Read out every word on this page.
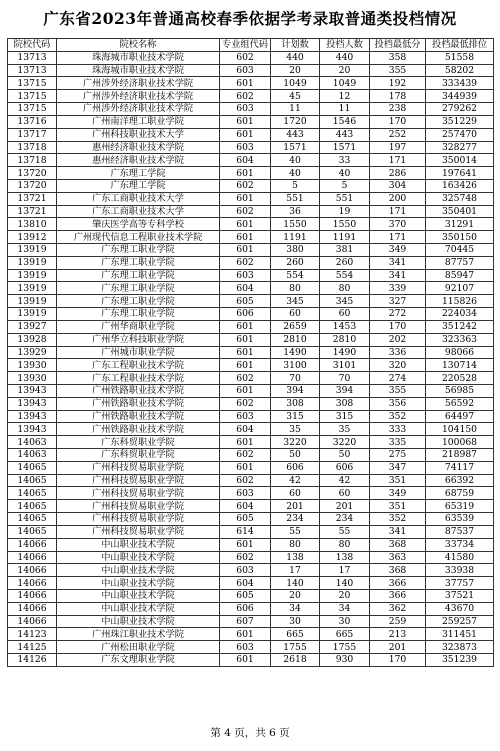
广东省2023年普通高校春季依据学考录取普通类投档情况
院校代码	院校名称	专业组代码	计划数	投档人数	投档最低分	投档最低排位
13713	珠海城市职业技术学院	602	440	440	358	51558
13713	珠海城市职业技术学院	603	20	20	355	58202
13715	广州涉外经济职业技术学院	601	1049	1049	192	333439
13715	广州涉外经济职业技术学院	602	45	12	178	344939
13715	广州涉外经济职业技术学院	603	11	11	238	279262
13716	广州南洋理工职业学院	601	1720	1546	170	351229
13717	广州科技职业技术大学	601	443	443	252	257470
13718	惠州经济职业技术学院	603	1571	1571	197	328277
13718	惠州经济职业技术学院	604	40	33	171	350014
13720	广东理工学院	601	40	40	286	197641
13720	广东理工学院	602	5	5	304	163426
13721	广东工商职业技术大学	601	551	551	200	325748
13721	广东工商职业技术大学	602	36	19	171	350401
13810	肇庆医学高等专科学校	601	1550	1550	370	31291
13912	广州现代信息工程职业技术学院	601	1191	1191	171	350150
13919	广东理工职业学院	601	380	381	349	70445
13919	广东理工职业学院	602	260	260	341	87757
13919	广东理工职业学院	603	554	554	341	85947
13919	广东理工职业学院	604	80	80	339	92107
13919	广东理工职业学院	605	345	345	327	115826
13919	广东理工职业学院	606	60	60	272	224034
13927	广州华商职业学院	601	2659	1453	170	351242
13928	广州华立科技职业学院	601	2810	2810	202	323363
13929	广州城市职业学院	601	1490	1490	336	98066
13930	广东工程职业技术学院	601	3100	3101	320	130714
13930	广东工程职业技术学院	602	70	70	274	220528
13943	广州铁路职业技术学院	601	394	394	355	56985
13943	广州铁路职业技术学院	602	308	308	356	56592
13943	广州铁路职业技术学院	603	315	315	352	64497
13943	广州铁路职业技术学院	604	35	35	333	104150
14063	广东科贸职业学院	601	3220	3220	335	100068
14063	广东科贸职业学院	602	50	50	275	218987
14065	广州科技贸易职业学院	601	606	606	347	74117
14065	广州科技贸易职业学院	602	42	42	351	66392
14065	广州科技贸易职业学院	603	60	60	349	68759
14065	广州科技贸易职业学院	604	201	201	351	65319
14065	广州科技贸易职业学院	605	234	234	352	63539
14065	广州科技贸易职业学院	614	55	55	341	87537
14066	中山职业技术学院	601	80	80	368	33734
14066	中山职业技术学院	602	138	138	363	41580
14066	中山职业技术学院	603	17	17	368	33938
14066	中山职业技术学院	604	140	140	366	37757
14066	中山职业技术学院	605	20	20	366	37521
14066	中山职业技术学院	606	34	34	362	43670
14066	中山职业技术学院	607	30	30	259	259257
14123	广州珠江职业技术学院	601	665	665	213	311451
14125	广州松田职业学院	603	1755	1755	201	323873
14126	广东文理职业学院	601	2618	930	170	351239
第 4 页，共 6 页
